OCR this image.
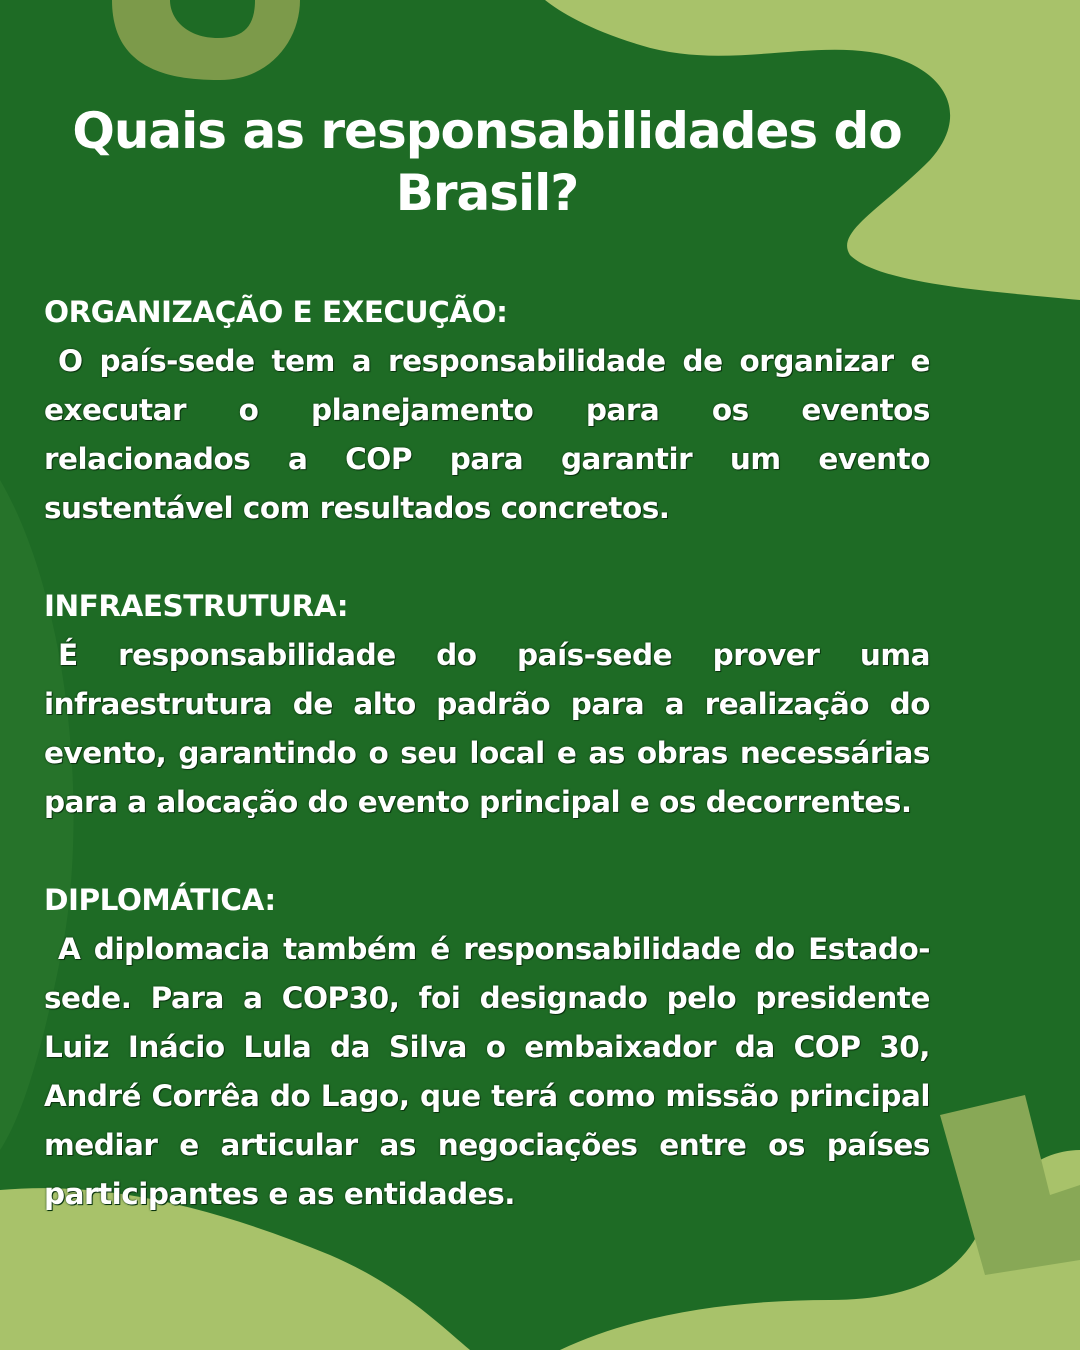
Quais as responsabilidades do Brasil?

ORGANIZAÇÃO E EXECUÇÃO:

O país-sede tem a responsabilidade de organizar e executar o planejamento para os eventos relacionados a COP para garantir um evento sustentável com resultados concretos.

INFRAESTRUTURA:

É responsabilidade do país-sede prover uma infraestrutura de alto padrão para a realização do evento, garantindo o seu local e as obras necessárias para a alocação do evento principal e os decorrentes.

DIPLOMÁTICA:

A diplomacia também é responsabilidade do Estado-sede. Para a COP30, foi designado pelo presidente Luiz Inácio Lula da Silva o embaixador da COP 30, André Corrêa do Lago, que terá como missão principal mediar e articular as negociações entre os países participantes e as entidades.
